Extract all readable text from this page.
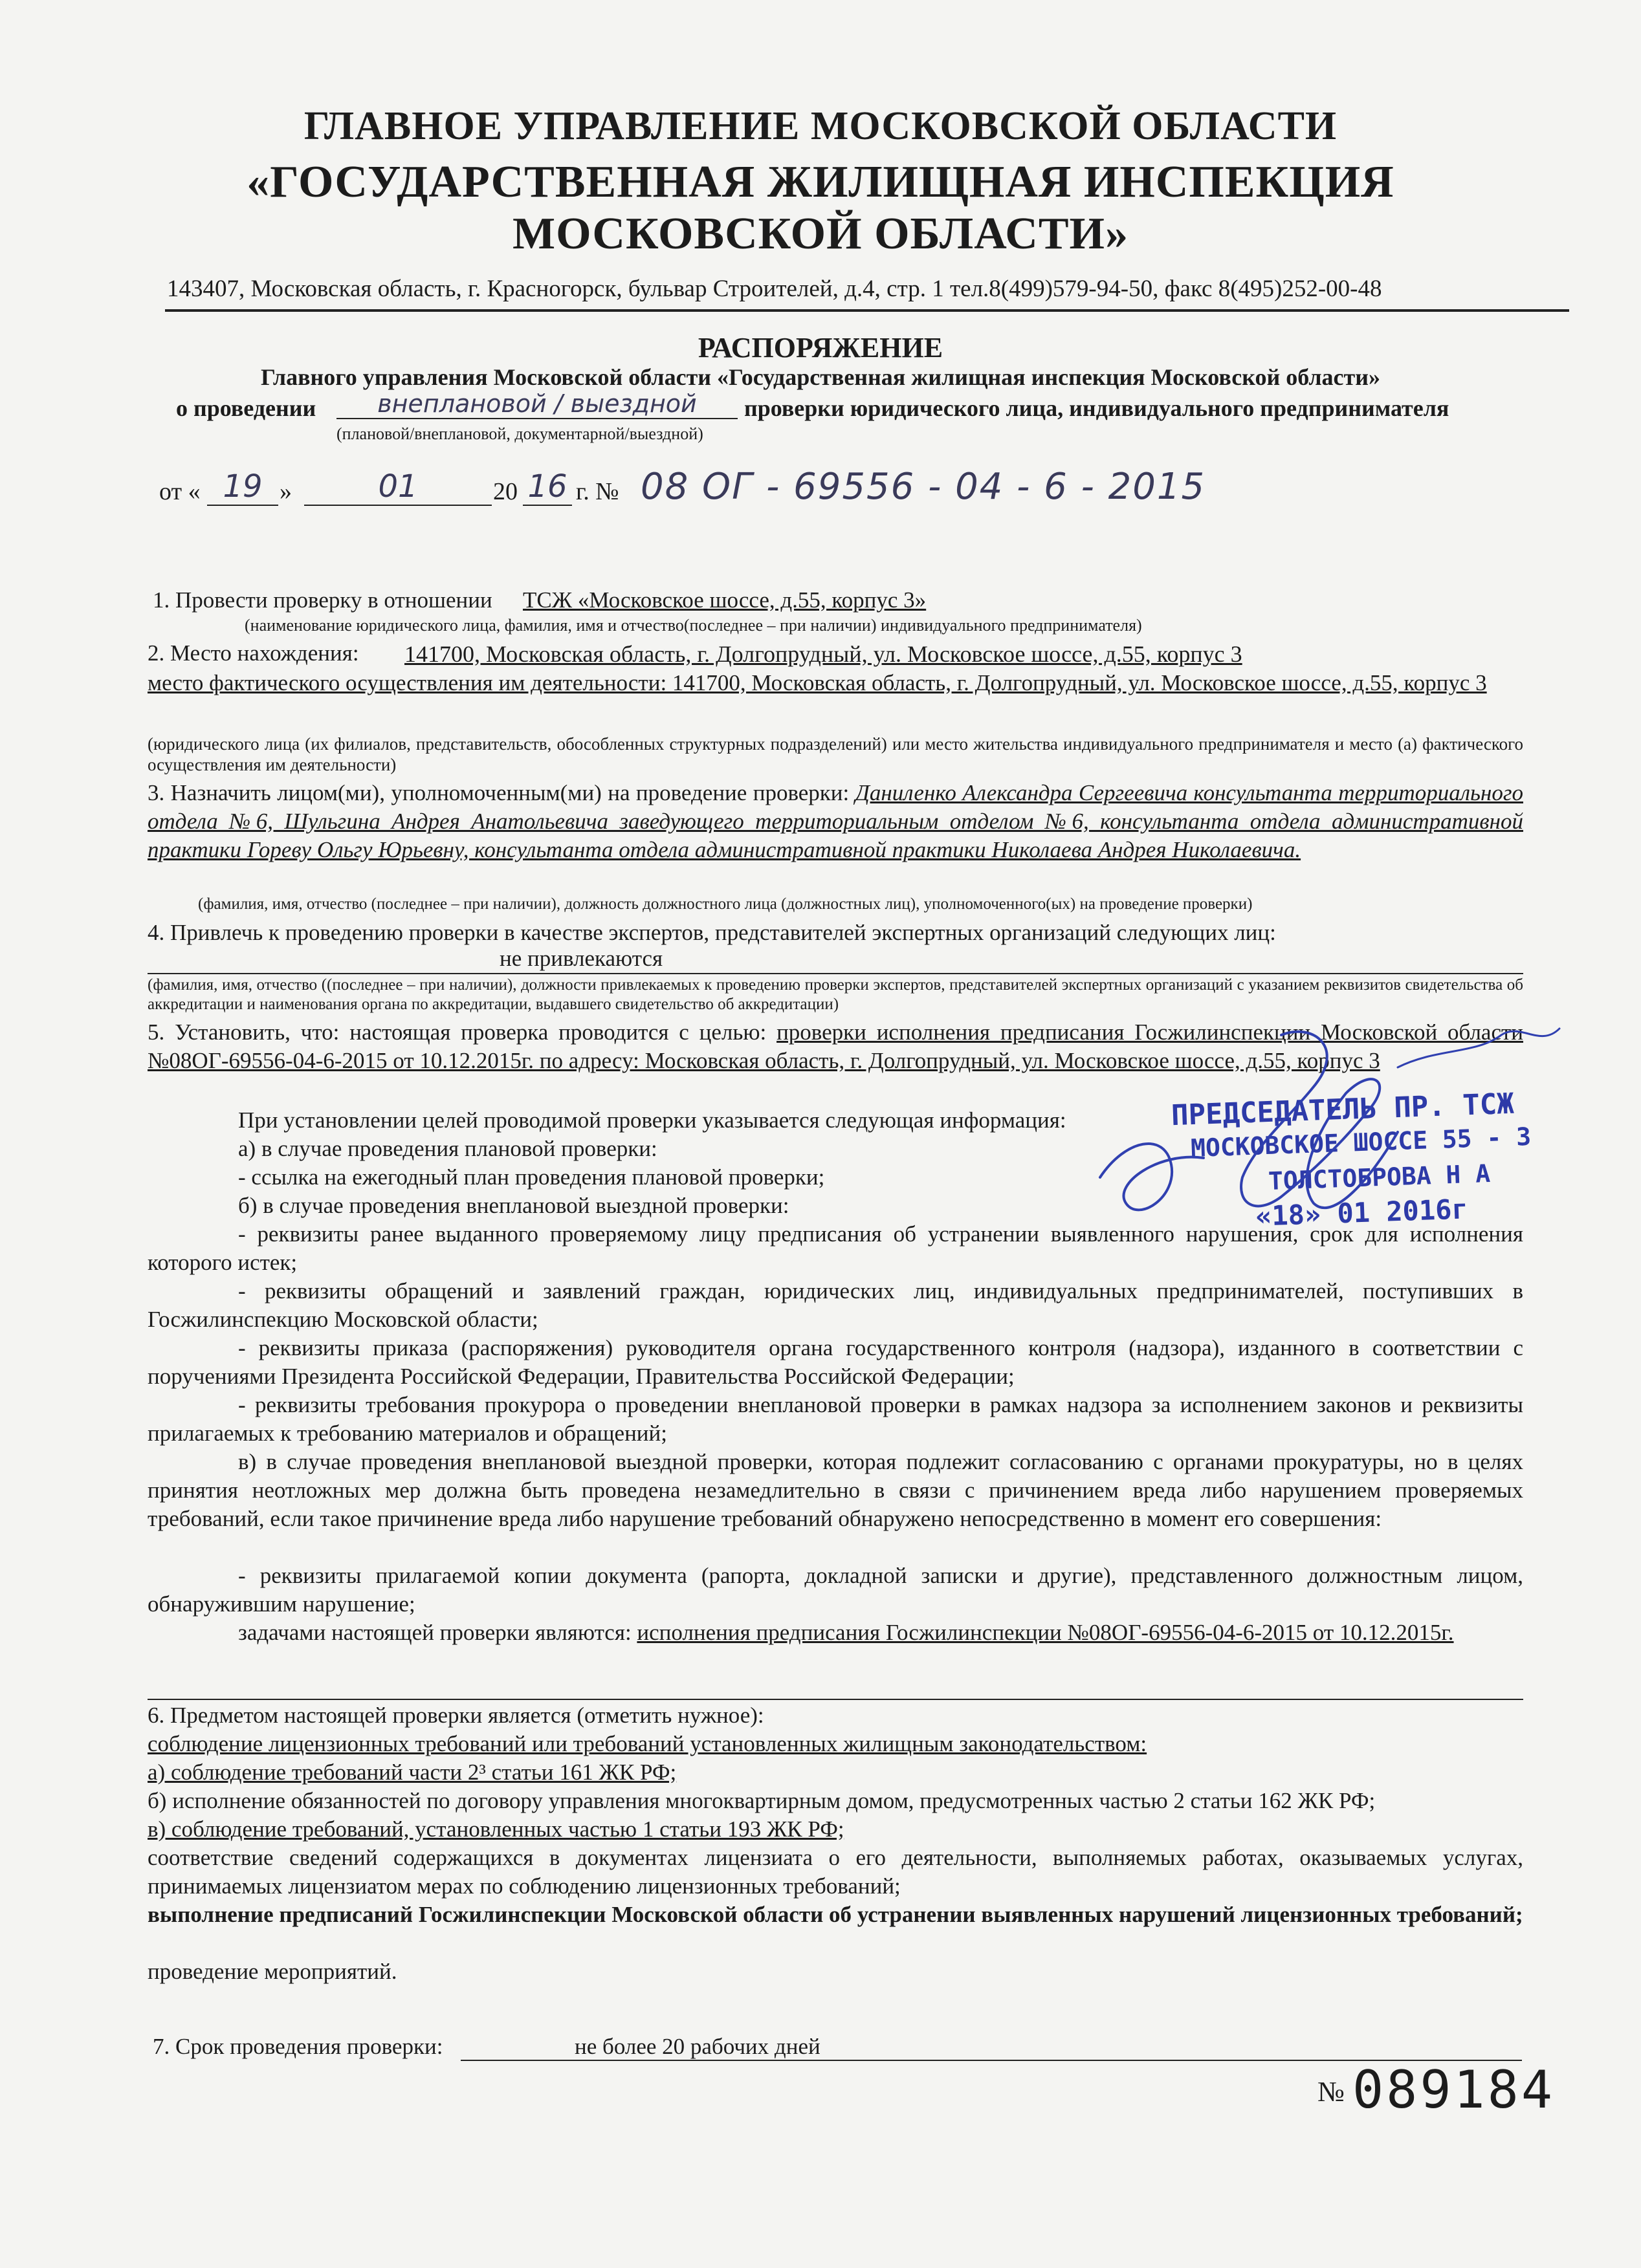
ГЛАВНОЕ УПРАВЛЕНИЕ МОСКОВСКОЙ ОБЛАСТИ
«ГОСУДАРСТВЕННАЯ ЖИЛИЩНАЯ ИНСПЕКЦИЯ
МОСКОВСКОЙ ОБЛАСТИ»
143407, Московская область, г. Красногорск, бульвар Строителей, д.4, стр. 1 тел.8(499)579-94-50, факс 8(495)252-00-48
РАСПОРЯЖЕНИЕ
Главного управления Московской области «Государственная жилищная инспекция Московской области»
о проведении	внеплановой / выездной	проверки юридического лица, индивидуального предпринимателя
(плановой/внеплановой, документарной/выездной)
от « 19 »	01	20 16 г. № 08 ОГ - 69556 - 04 - 6 - 2015
1. Провести проверку в отношении ТСЖ «Московское шоссе, д.55, корпус 3»
(наименование юридического лица, фамилия, имя и отчество(последнее – при наличии) индивидуального предпринимателя)
2. Место нахождения: 141700, Московская область, г. Долгопрудный, ул. Московское шоссе, д.55, корпус 3
место фактического осуществления им деятельности: 141700, Московская область, г. Долгопрудный, ул. Московское шоссе, д.55, корпус 3
(юридического лица (их филиалов, представительств, обособленных структурных подразделений) или место жительства индивидуального предпринимателя и место (а) фактического осуществления им деятельности)
3. Назначить лицом(ми), уполномоченным(ми) на проведение проверки: Даниленко Александра Сергеевича консультанта территориального отдела №6, Шульгина Андрея Анатольевича заведующего территориальным отделом №6, консультанта отдела административной практики Гореву Ольгу Юрьевну, консультанта отдела административной практики Николаева Андрея Николаевича.
(фамилия, имя, отчество (последнее – при наличии), должность должностного лица (должностных лиц), уполномоченного(ых) на проведение проверки)
4. Привлечь к проведению проверки в качестве экспертов, представителей экспертных организаций следующих лиц:
не привлекаются
(фамилия, имя, отчество ((последнее – при наличии), должности привлекаемых к проведению проверки экспертов, представителей экспертных организаций с указанием реквизитов свидетельства об аккредитации и наименования органа по аккредитации, выдавшего свидетельство об аккредитации)
5. Установить, что: настоящая проверка проводится с целью: проверки исполнения предписания Госжилинспекции Московской области №08ОГ-69556-04-6-2015 от 10.12.2015г. по адресу: Московская область, г. Долгопрудный, ул. Московское шоссе, д.55, корпус 3
При установлении целей проводимой проверки указывается следующая информация:
а) в случае проведения плановой проверки:
- ссылка на ежегодный план проведения плановой проверки;
б) в случае проведения внеплановой выездной проверки:
- реквизиты ранее выданного проверяемому лицу предписания об устранении выявленного нарушения, срок для исполнения которого истек;
- реквизиты обращений и заявлений граждан, юридических лиц, индивидуальных предпринимателей, поступивших в Госжилинспекцию Московской области;
- реквизиты приказа (распоряжения) руководителя органа государственного контроля (надзора), изданного в соответствии с поручениями Президента Российской Федерации, Правительства Российской Федерации;
- реквизиты требования прокурора о проведении внеплановой проверки в рамках надзора за исполнением законов и реквизиты прилагаемых к требованию материалов и обращений;
в) в случае проведения внеплановой выездной проверки, которая подлежит согласованию с органами прокуратуры, но в целях принятия неотложных мер должна быть проведена незамедлительно в связи с причинением вреда либо нарушением проверяемых требований, если такое причинение вреда либо нарушение требований обнаружено непосредственно в момент его совершения:
- реквизиты прилагаемой копии документа (рапорта, докладной записки и другие), представленного должностным лицом, обнаружившим нарушение;
задачами настоящей проверки являются: исполнения предписания Госжилинспекции №08ОГ-69556-04-6-2015 от 10.12.2015г.
6. Предметом настоящей проверки является (отметить нужное):
соблюдение лицензионных требований или требований установленных жилищным законодательством:
а) соблюдение требований части 2³ статьи 161 ЖК РФ;
б) исполнение обязанностей по договору управления многоквартирным домом, предусмотренных частью 2 статьи 162 ЖК РФ;
в) соблюдение требований, установленных частью 1 статьи 193 ЖК РФ;
соответствие сведений содержащихся в документах лицензиата о его деятельности, выполняемых работах, оказываемых услугах, принимаемых лицензиатом мерах по соблюдению лицензионных требований;
выполнение предписаний Госжилинспекции Московской области об устранении выявленных нарушений лицензионных требований;
проведение мероприятий.
7. Срок проведения проверки:	не более 20 рабочих дней
№ 089184
ПРЕДСЕДАТЕЛЬ ПР. ТСЖ
МОСКОВСКОЕ ШОССЕ 55 - 3
ТОЛСТОБРОВА Н А
«18» 01 2016г
